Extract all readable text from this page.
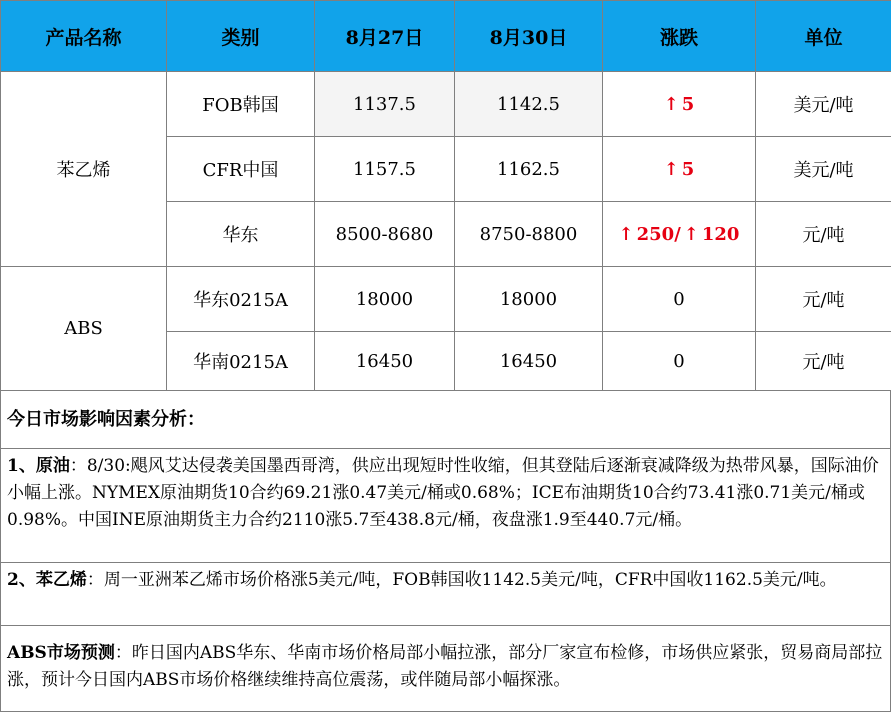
产品名称	类别	8月27日	8月30日	涨跌	单位
苯乙烯	FOB韩国	1137.5	1142.5	↑ 5	美元/吨
	CFR中国	1157.5	1162.5	↑ 5	美元/吨
	华东	8500-8680	8750-8800	↑ 250/ ↑ 120	元/吨
ABS	华东0215A	18000	18000	0	元/吨
	华南0215A	16450	16450	0	元/吨
今日市场影响因素分析：
1、原油：8/30:飓风艾达侵袭美国墨西哥湾，供应出现短时性收缩，但其登陆后逐渐衰减降级为热带风暴，国际油价小幅上涨。NYMEX原油期货10合约69.21涨0.47美元/桶或0.68%；ICE布油期货10合约73.41涨0.71美元/桶或0.98%。中国INE原油期货主力合约2110涨5.7至438.8元/桶，夜盘涨1.9至440.7元/桶。
2、苯乙烯：周一亚洲苯乙烯市场价格涨5美元/吨，FOB韩国收1142.5美元/吨，CFR中国收1162.5美元/吨。
ABS市场预测：昨日国内ABS华东、华南市场价格局部小幅拉涨，部分厂家宣布检修，市场供应紧张，贸易商局部拉涨，预计今日国内ABS市场价格继续维持高位震荡，或伴随局部小幅探涨。
